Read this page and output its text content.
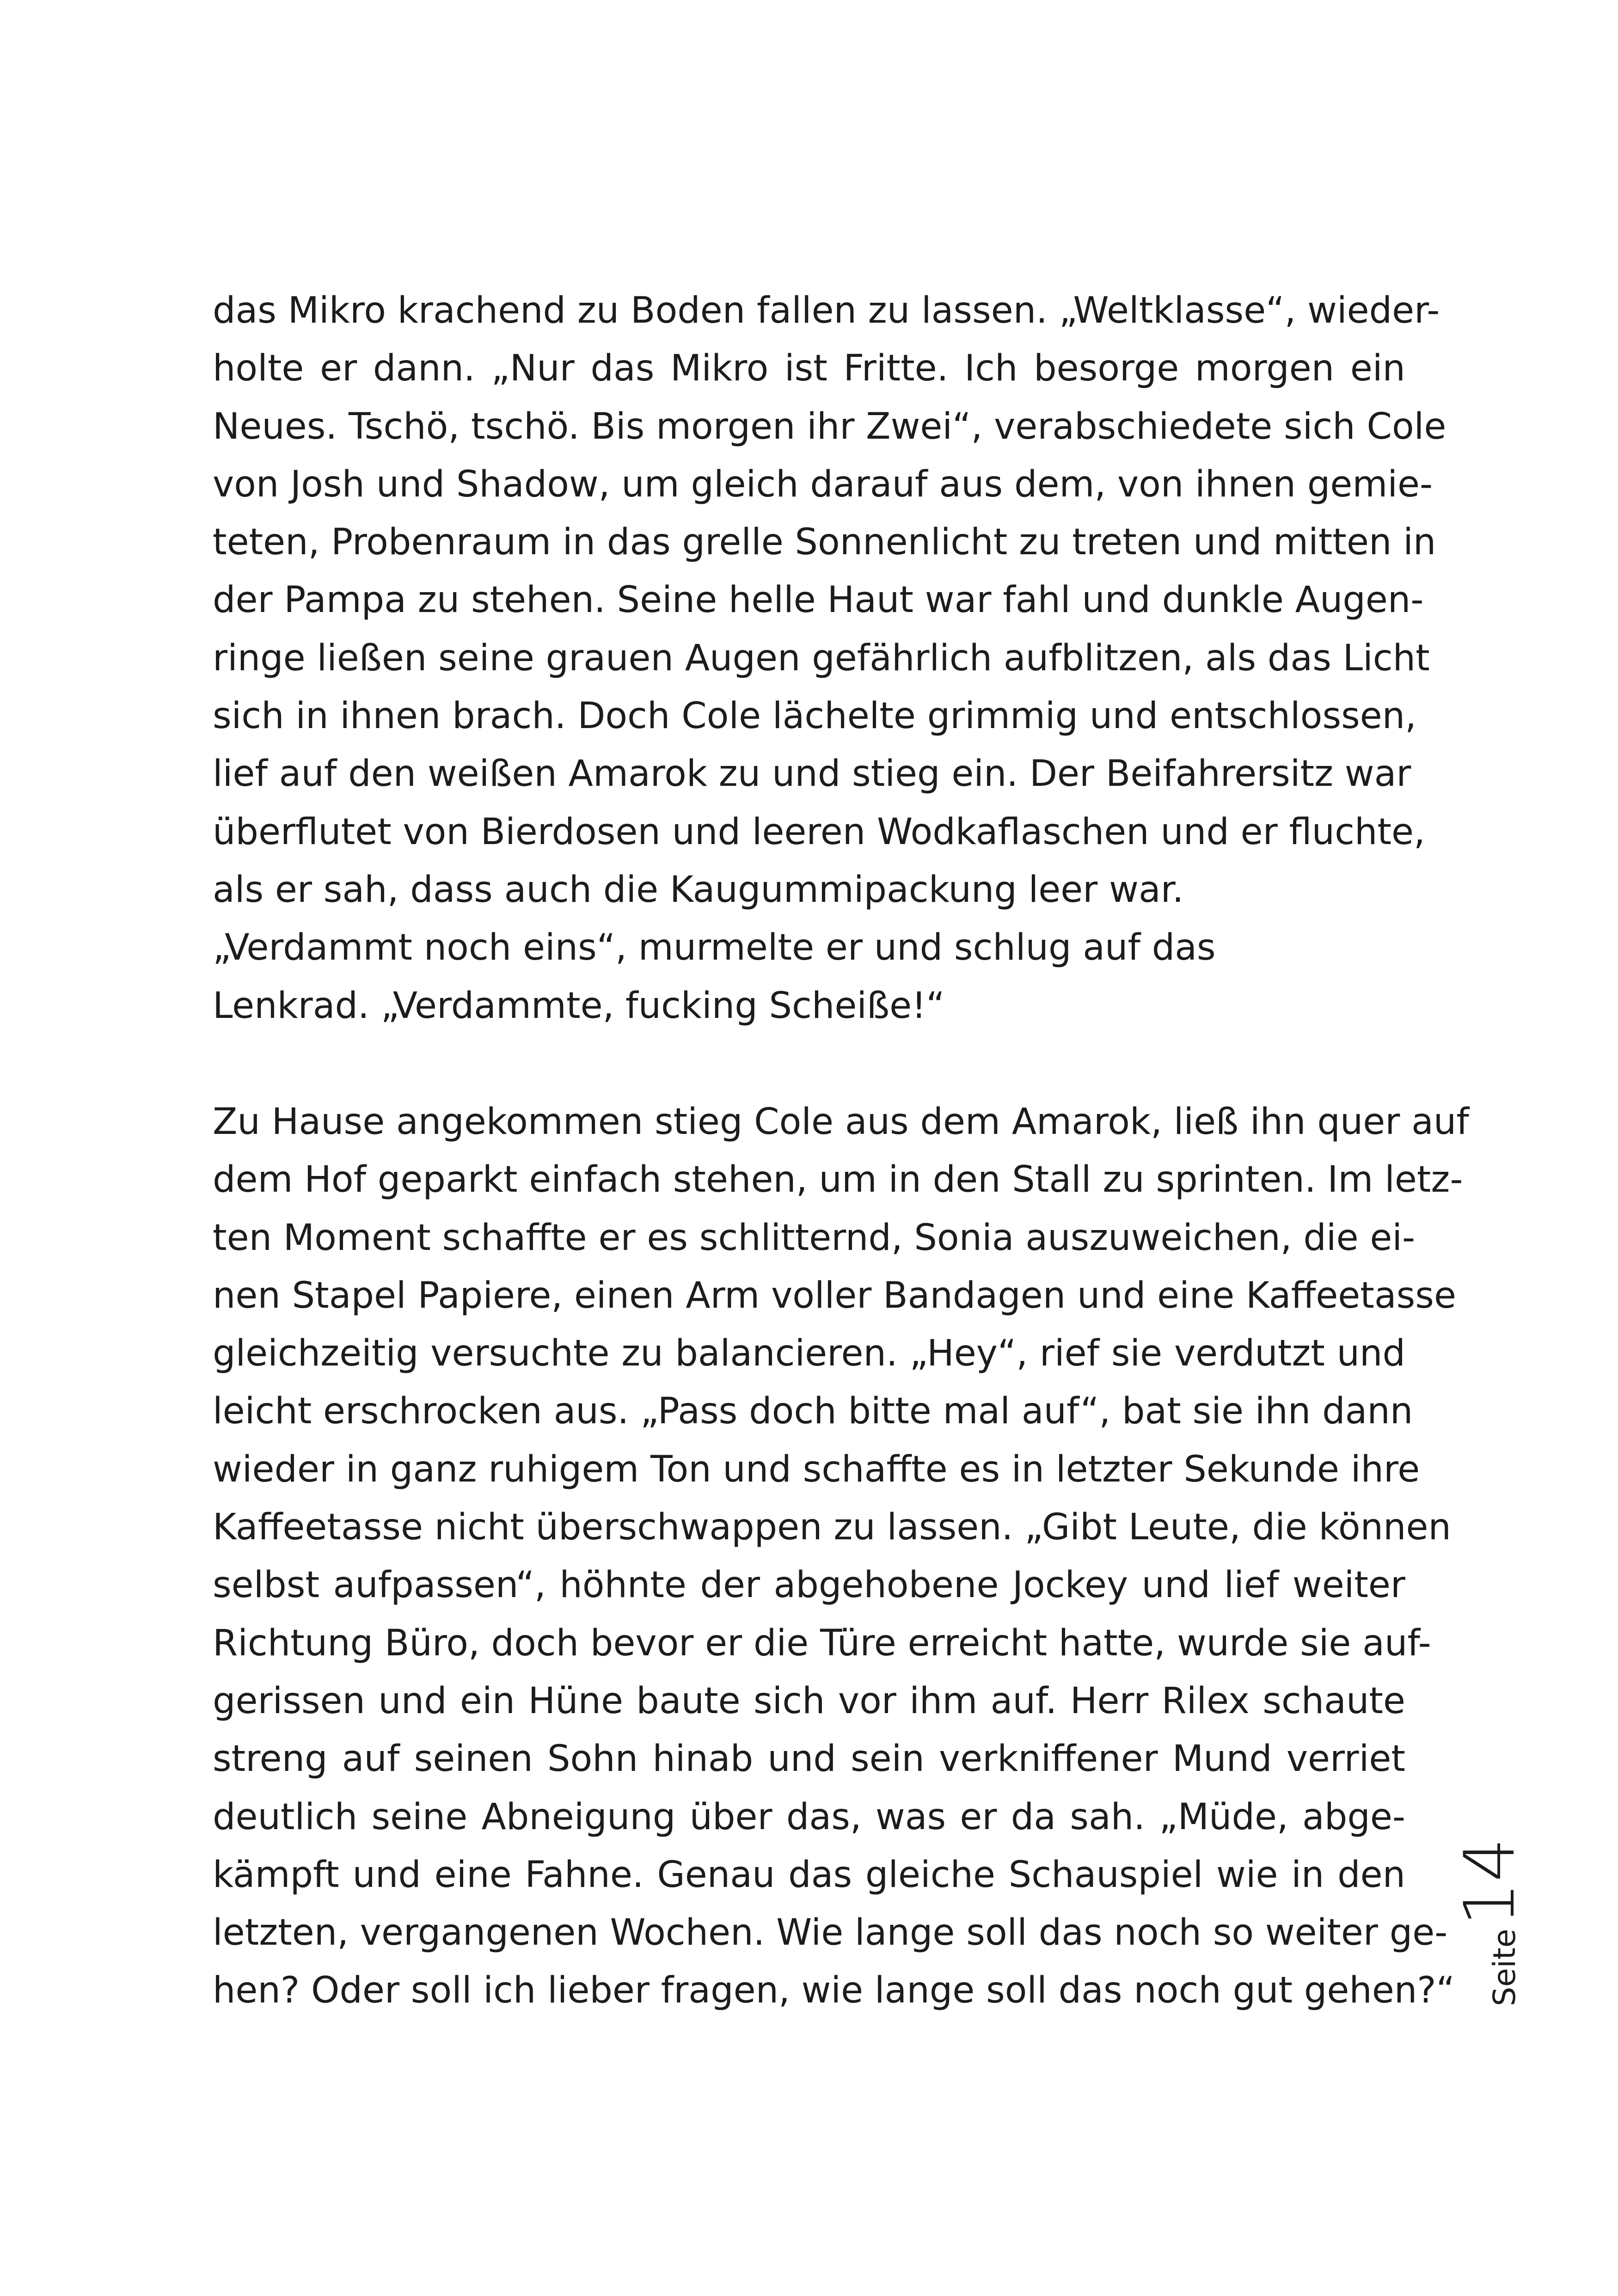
das Mikro krachend zu Boden fallen zu lassen. „Weltklasse“, wieder-
holte er dann. „Nur das Mikro ist Fritte. Ich besorge morgen ein
Neues. Tschö, tschö. Bis morgen ihr Zwei“, verabschiedete sich Cole
von Josh und Shadow, um gleich darauf aus dem, von ihnen gemie-
teten, Probenraum in das grelle Sonnenlicht zu treten und mitten in
der Pampa zu stehen. Seine helle Haut war fahl und dunkle Augen-
ringe ließen seine grauen Augen gefährlich aufblitzen, als das Licht
sich in ihnen brach. Doch Cole lächelte grimmig und entschlossen,
lief auf den weißen Amarok zu und stieg ein. Der Beifahrersitz war
überflutet von Bierdosen und leeren Wodkaflaschen und er fluchte,
als er sah, dass auch die Kaugummipackung leer war.
„Verdammt noch eins“, murmelte er und schlug auf das
Lenkrad. „Verdammte, fucking Scheiße!“
Zu Hause angekommen stieg Cole aus dem Amarok, ließ ihn quer auf
dem Hof geparkt einfach stehen, um in den Stall zu sprinten. Im letz-
ten Moment schaffte er es schlitternd, Sonia auszuweichen, die ei-
nen Stapel Papiere, einen Arm voller Bandagen und eine Kaffeetasse
gleichzeitig versuchte zu balancieren. „Hey“, rief sie verdutzt und
leicht erschrocken aus. „Pass doch bitte mal auf“, bat sie ihn dann
wieder in ganz ruhigem Ton und schaffte es in letzter Sekunde ihre
Kaffeetasse nicht überschwappen zu lassen. „Gibt Leute, die können
selbst aufpassen“, höhnte der abgehobene Jockey und lief weiter
Richtung Büro, doch bevor er die Türe erreicht hatte, wurde sie auf-
gerissen und ein Hüne baute sich vor ihm auf. Herr Rilex schaute
streng auf seinen Sohn hinab und sein verkniffener Mund verriet
deutlich seine Abneigung über das, was er da sah. „Müde, abge-
kämpft und eine Fahne. Genau das gleiche Schauspiel wie in den
letzten, vergangenen Wochen. Wie lange soll das noch so weiter ge-
hen? Oder soll ich lieber fragen, wie lange soll das noch gut gehen?“ Seite
14
